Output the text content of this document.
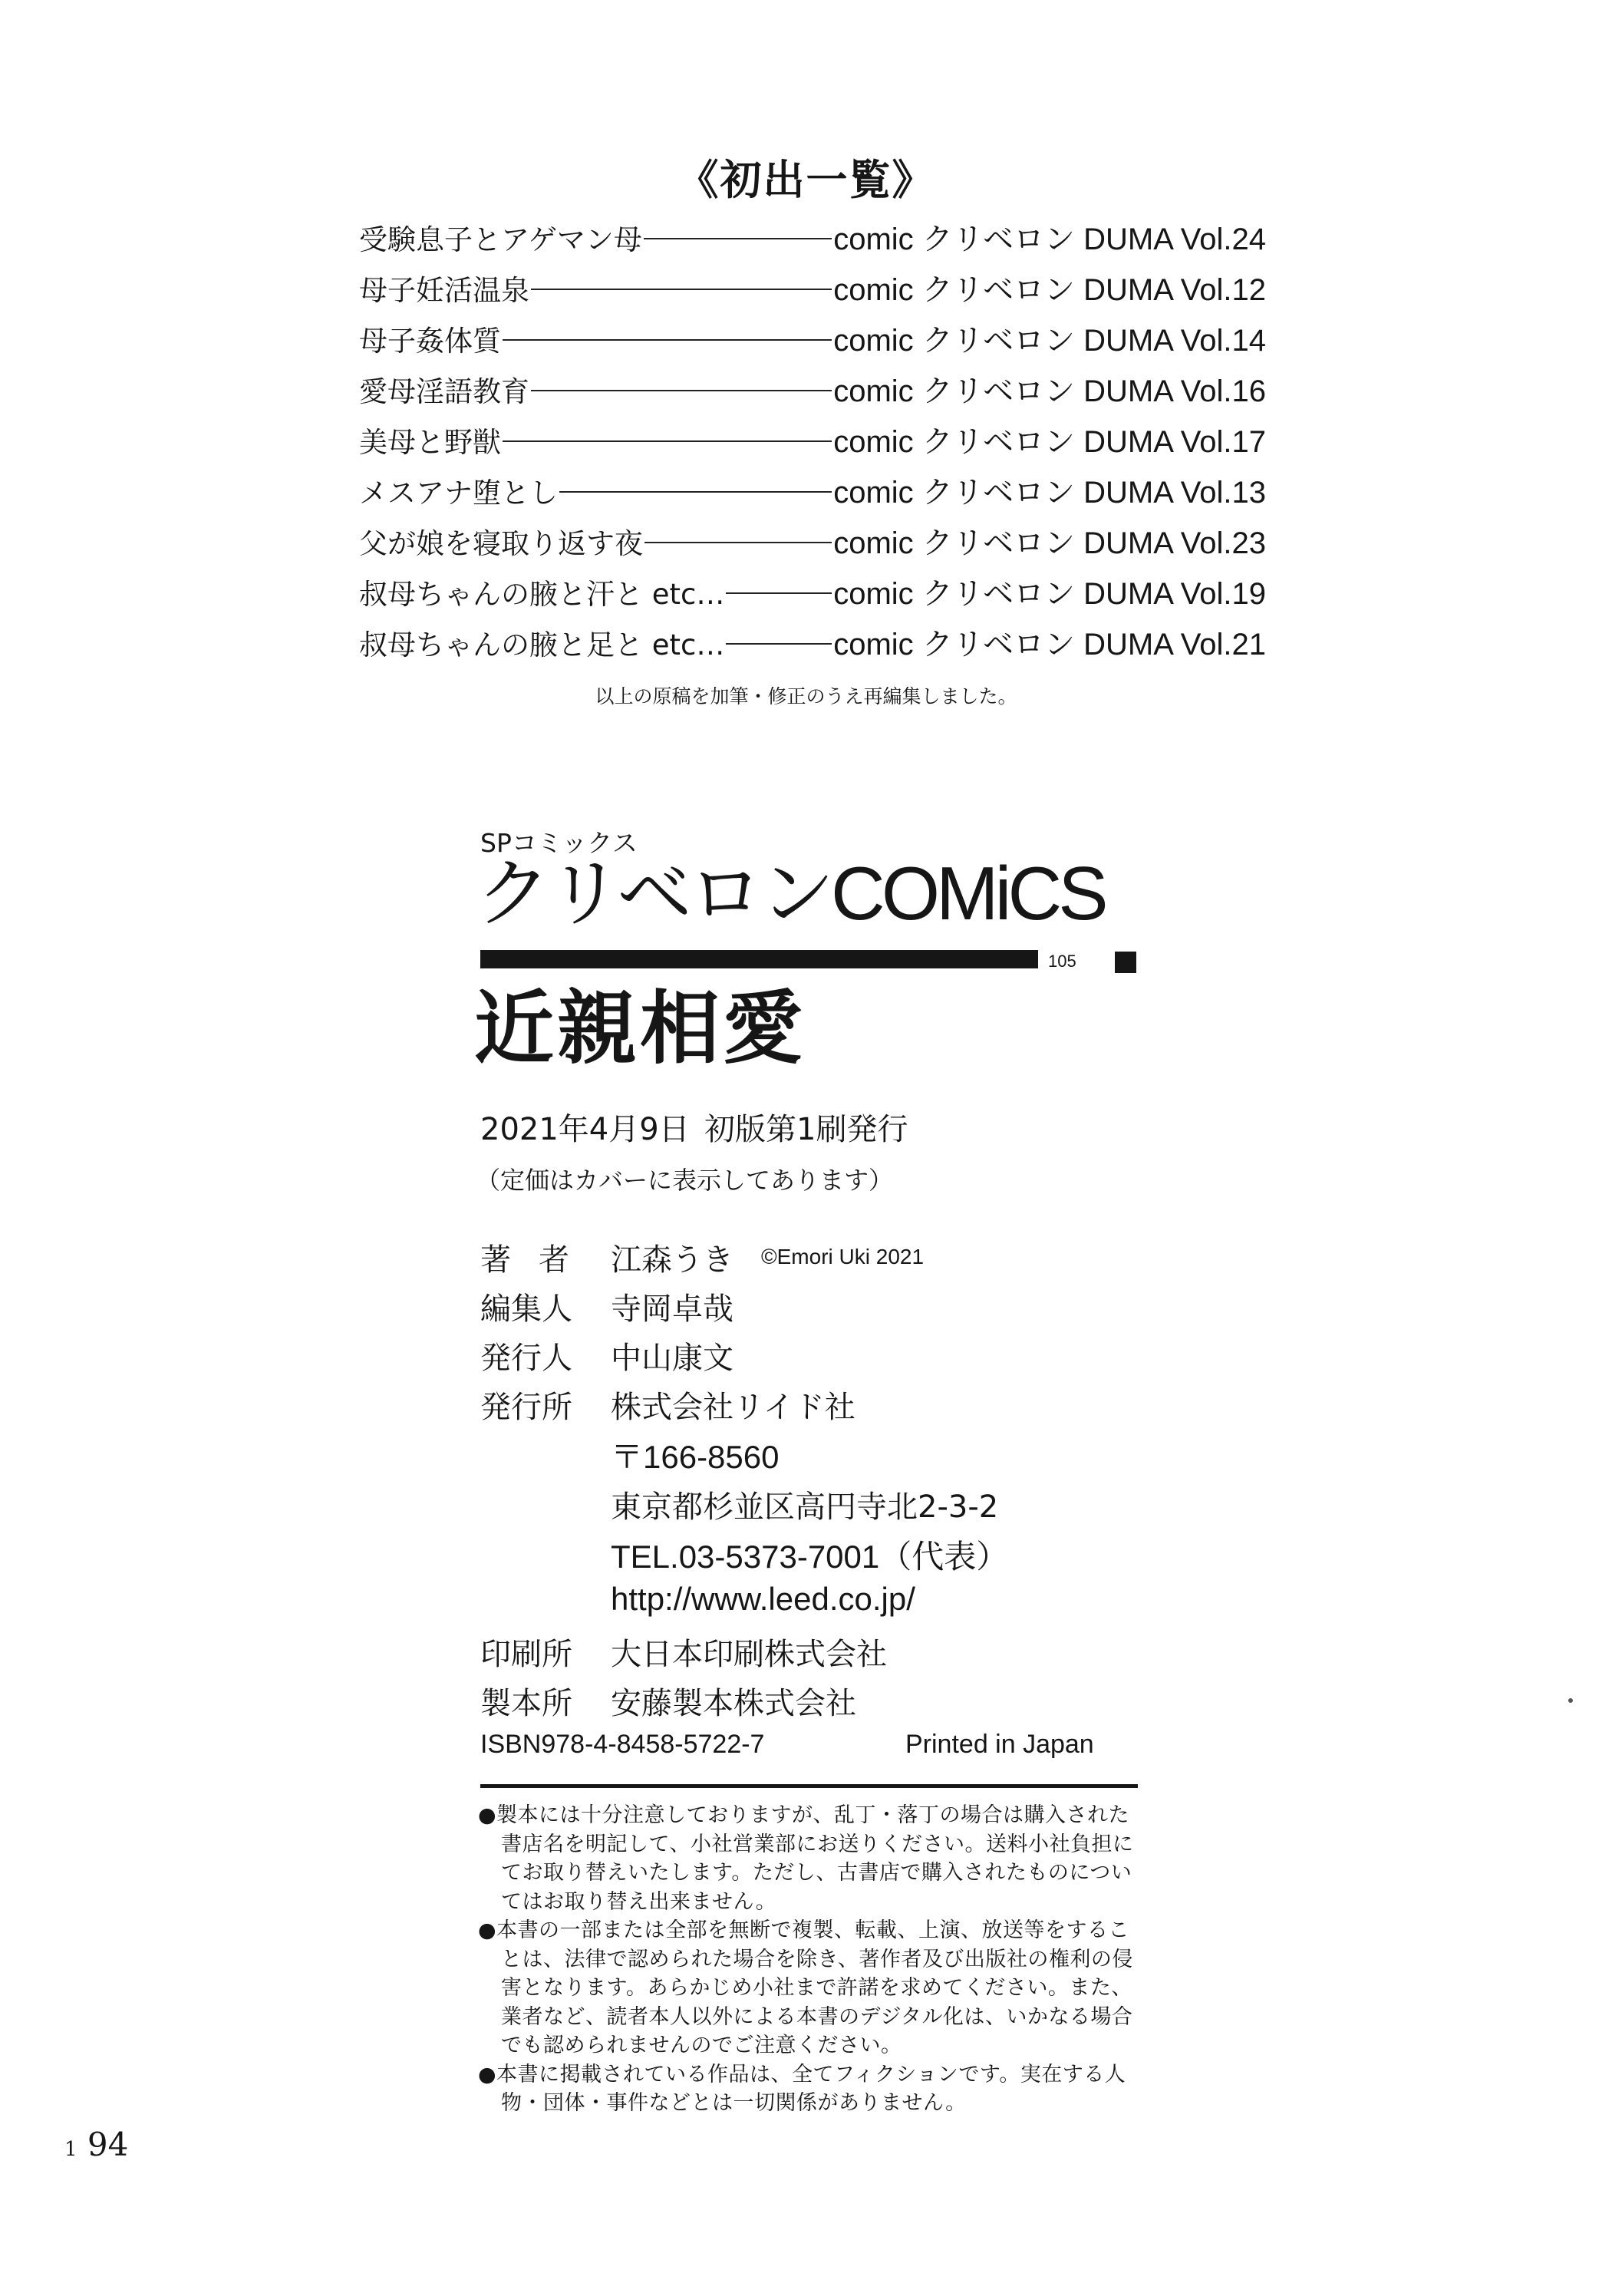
《初出一覧》
受験息子とアゲマン母	comic クリベロン DUMA Vol.24
母子妊活温泉	comic クリベロン DUMA Vol.12
母子姦体質	comic クリベロン DUMA Vol.14
愛母淫語教育	comic クリベロン DUMA Vol.16
美母と野獣	comic クリベロン DUMA Vol.17
メスアナ堕とし	comic クリベロン DUMA Vol.13
父が娘を寝取り返す夜	comic クリベロン DUMA Vol.23
叔母ちゃんの腋と汗と etc…	comic クリベロン DUMA Vol.19
叔母ちゃんの腋と足と etc…	comic クリベロン DUMA Vol.21
以上の原稿を加筆・修正のうえ再編集しました。
SPコミックス
クリベロンCOMiCS
105
近親相愛
2021年4月9日 初版第1刷発行
（定価はカバーに表示してあります）
著者 江森うき ©Emori Uki 2021
編集人 寺岡卓哉
発行人 中山康文
発行所 株式会社リイド社
〒166-8560
東京都杉並区高円寺北2-3-2
TEL.03-5373-7001（代表）
http://www.leed.co.jp/
印刷所 大日本印刷株式会社
製本所 安藤製本株式会社
ISBN978-4-8458-5722-7	Printed in Japan
●製本には十分注意しておりますが、乱丁・落丁の場合は購入された書店名を明記して、小社営業部にお送りください。送料小社負担にてお取り替えいたします。ただし、古書店で購入されたものについてはお取り替え出来ません。
●本書の一部または全部を無断で複製、転載、上演、放送等をすることは、法律で認められた場合を除き、著作者及び出版社の権利の侵害となります。あらかじめ小社まで許諾を求めてください。また、業者など、読者本人以外による本書のデジタル化は、いかなる場合でも認められませんのでご注意ください。
●本書に掲載されている作品は、全てフィクションです。実在する人物・団体・事件などとは一切関係がありません。
1 94
